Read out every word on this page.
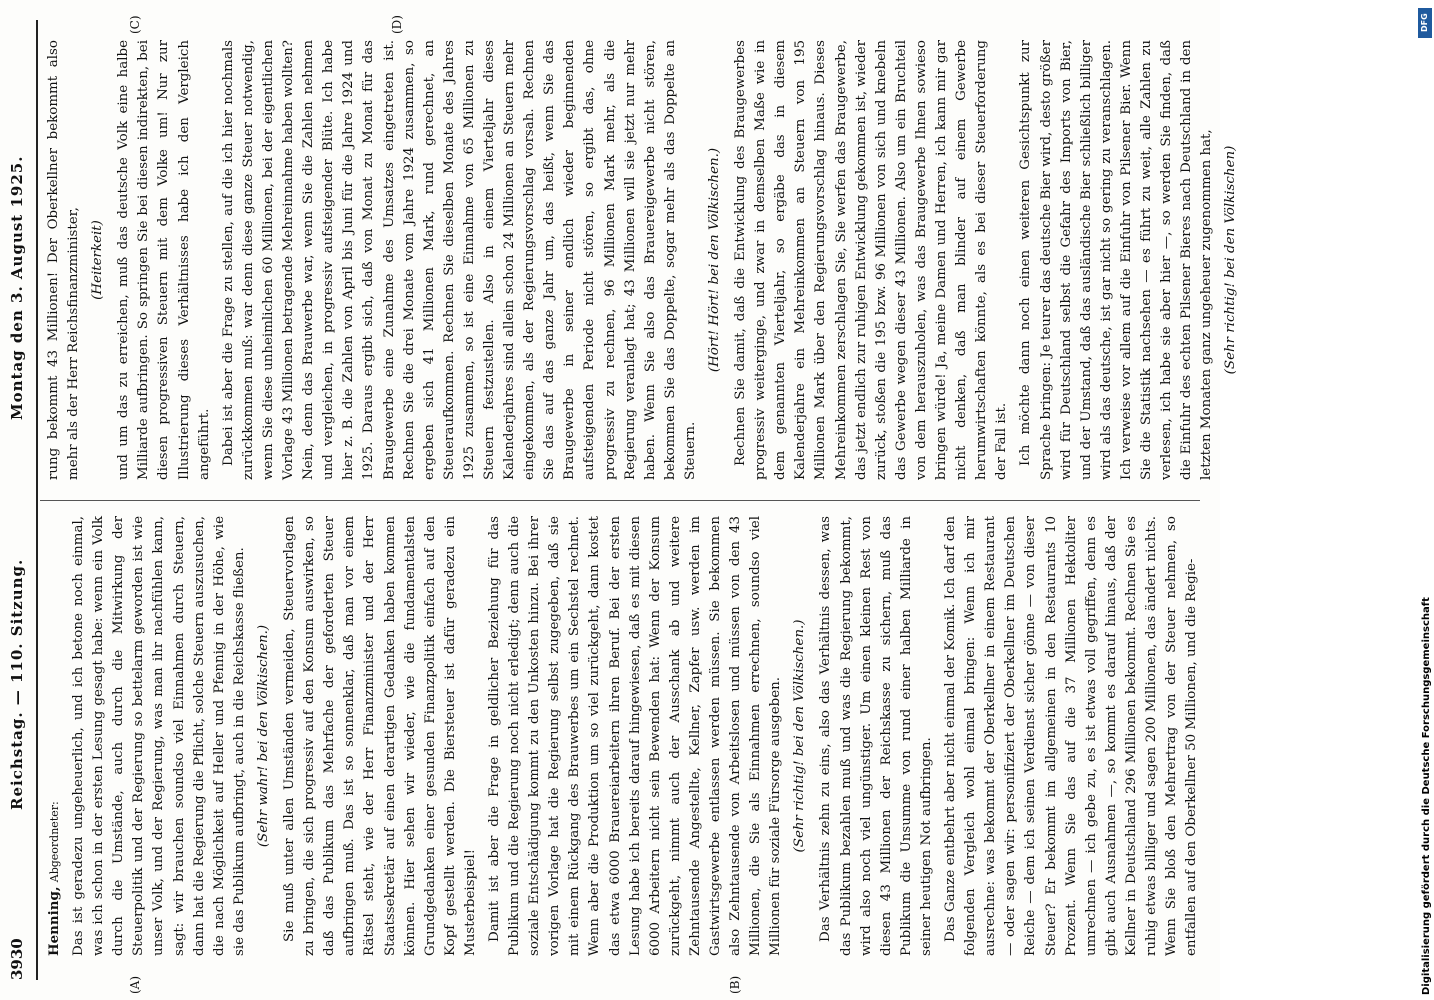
3930
Reichstag. — 110. Sitzung.
Montag den 3. August 1925.
(A)	(B)
(C)	(D)

Henning, Abgeordneter: Das ist geradezu ungeheuerlich, und ich betone noch einmal, was ich schon in der ersten Lesung gesagt habe: wenn ein Volk durch die Umstände, auch durch die Mitwirkung der Steuerpolitik und der Regierung so bettelarm geworden ist wie unser Volk, und der Regierung, was man ihr nachfühlen kann, sagt: wir brauchen soundso viel Einnahmen durch Steuern, dann hat die Regierung die Pflicht, solche Steuern auszusuchen, die nach Möglichkeit auf Heller und Pfennig in der Höhe, wie sie das Publikum aufbringt, auch in die Reichskasse fließen. (Sehr wahr! bei den Völkischen.) Sie muß unter allen Umständen vermeiden, Steuervorlagen zu bringen, die sich progressiv auf den Konsum auswirken, so daß das Publikum das Mehrfache der geforderten Steuer aufbringen muß. Das ist so sonnenklar, daß man vor einem Rätsel steht, wie der Herr Finanzminister und der Herr Staatssekretär auf einen derartigen Gedanken haben kommen können. Hier sehen wir wieder, wie die fundamentalsten Grundgedanken einer gesunden Finanzpolitik einfach auf den Kopf gestellt werden. Die Biersteuer ist dafür geradezu ein Musterbeispiel! Damit ist aber die Frage in geldlicher Beziehung für das Publikum und die Regierung noch nicht erledigt; denn auch die soziale Entschädigung kommt zu den Unkosten hinzu. Bei ihrer vorigen Vorlage hat die Regierung selbst zugegeben, daß sie mit einem Rückgang des Brauwerbes um ein Sechstel rechnet. Wenn aber die Produktion um so viel zurückgeht, dann kostet das etwa 6000 Brauereiarbeitern ihren Beruf. Bei der ersten Lesung habe ich bereits darauf hingewiesen, daß es mit diesen 6000 Arbeitern nicht sein Bewenden hat: Wenn der Konsum zurückgeht, nimmt auch der Ausschank ab und weitere Zehntausende Angestellte, Kellner, Zapfer usw. werden im Gastwirtsgewerbe entlassen werden müssen. Sie bekommen also Zehntausende von Arbeitslosen und müssen von den 43 Millionen, die Sie als Einnahmen errechnen, soundso viel Millionen für soziale Fürsorge ausgeben. (Sehr richtig! bei den Völkischen.) Das Verhältnis zehn zu eins, also das Verhältnis dessen, was das Publikum bezahlen muß und was die Regierung bekommt, wird also noch viel ungünstiger. Um einen kleinen Rest von diesen 43 Millionen der Reichskasse zu sichern, muß das Publikum die Unsumme von rund einer halben Milliarde in seiner heutigen Not aufbringen. Das Ganze entbehrt aber nicht einmal der Komik. Ich darf den folgenden Vergleich wohl einmal bringen: Wenn ich mir ausrechne: was bekommt der Oberkellner in einem Restaurant — oder sagen wir: personifiziert der Oberkellner im Deutschen Reiche — dem ich seinen Verdienst sicher gönne — von dieser Steuer? Er bekommt im allgemeinen in den Restaurants 10 Prozent. Wenn Sie das auf die 37 Millionen Hektoliter umrechnen — ich gebe zu, es ist etwas voll gegriffen, denn es gibt auch Ausnahmen —, so kommt es darauf hinaus, daß der Kellner in Deutschland 296 Millionen bekommt. Rechnen Sie es ruhig etwas billiger und sagen 200 Millionen, das ändert nichts. Wenn Sie bloß den Mehrertrag von der Steuer nehmen, so entfallen auf den Oberkellner 50 Millionen, und die Regie-

rung bekommt 43 Millionen! Der Oberkellner bekommt also mehr als der Herr Reichsfinanzminister, (Heiterkeit) und um das zu erreichen, muß das deutsche Volk eine halbe Milliarde aufbringen. So springen Sie bei diesen indirekten, bei diesen progressiven Steuern mit dem Volke um! Nur zur Illustrierung dieses Verhältnisses habe ich den Vergleich angeführt. Dabei ist aber die Frage zu stellen, auf die ich hier nochmals zurückkommen muß: war denn diese ganze Steuer notwendig, wenn Sie diese unheimlichen 60 Millionen, bei der eigentlichen Vorlage 43 Millionen betragende Mehreinnahme haben wollten? Nein, denn das Brauwerbe war, wenn Sie die Zahlen nehmen und vergleichen, in progressiv aufsteigender Blüte. Ich habe hier z. B. die Zahlen von April bis Juni für die Jahre 1924 und 1925. Daraus ergibt sich, daß von Monat zu Monat für das Braugewerbe eine Zunahme des Umsatzes eingetreten ist. Rechnen Sie die drei Monate vom Jahre 1924 zusammen, so ergeben sich 41 Millionen Mark, rund gerechnet, an Steueraufkommen. Rechnen Sie dieselben Monate des Jahres 1925 zusammen, so ist eine Einnahme von 65 Millionen zu Steuern festzustellen. Also in einem Vierteljahr dieses Kalenderjahres sind allein schon 24 Millionen an Steuern mehr eingekommen, als der Regierungsvorschlag vorsah. Rechnen Sie das auf das ganze Jahr um, das heißt, wenn Sie das Braugewerbe in seiner endlich wieder beginnenden aufsteigenden Periode nicht stören, so ergibt das, ohne progressiv zu rechnen, 96 Millionen Mark mehr, als die Regierung veranlagt hat; 43 Millionen will sie jetzt nur mehr haben. Wenn Sie also das Brauereigewerbe nicht stören, bekommen Sie das Doppelte, sogar mehr als das Doppelte an Steuern.

(Hört! Hört! bei den Völkischen.) Rechnen Sie damit, daß die Entwicklung des Braugewerbes progressiv weiterginge, und zwar in demselben Maße wie in dem genannten Vierteljahr, so ergäbe das in diesem Kalenderjahre ein Mehreinkommen an Steuern von 195 Millionen Mark über den Regierungsvorschlag hinaus. Dieses Mehreinkommen zerschlagen Sie, Sie werfen das Braugewerbe, das jetzt endlich zur ruhigen Entwicklung gekommen ist, wieder zurück, stoßen die 195 bzw. 96 Millionen von sich und knebeln das Gewerbe wegen dieser 43 Millionen. Also um ein Bruchteil von dem herauszuholen, was das Braugewerbe Ihnen sowieso bringen würde! Ja, meine Damen und Herren, ich kann mir gar nicht denken, daß man blinder auf einem Gewerbe herumwirtschaften könnte, als es bei dieser Steuerforderung der Fall ist. Ich möchte dann noch einen weiteren Gesichtspunkt zur Sprache bringen: Je teurer das deutsche Bier wird, desto größer wird für Deutschland selbst die Gefahr des Imports von Bier, und der Umstand, daß das ausländische Bier schließlich billiger wird als das deutsche, ist gar nicht so gering zu veranschlagen. Ich verweise vor allem auf die Einfuhr von Pilsener Bier. Wenn Sie die Statistik nachsehen — es führt zu weit, alle Zahlen zu verlesen, ich habe sie aber hier —, so werden Sie finden, daß die Einfuhr des echten Pilsener Bieres nach Deutschland in den letzten Monaten ganz ungeheuer zugenommen hat, (Sehr richtig! bei den Völkischen)

DFG
Digitalisierung gefördert durch die Deutsche Forschungsgemeinschaft
